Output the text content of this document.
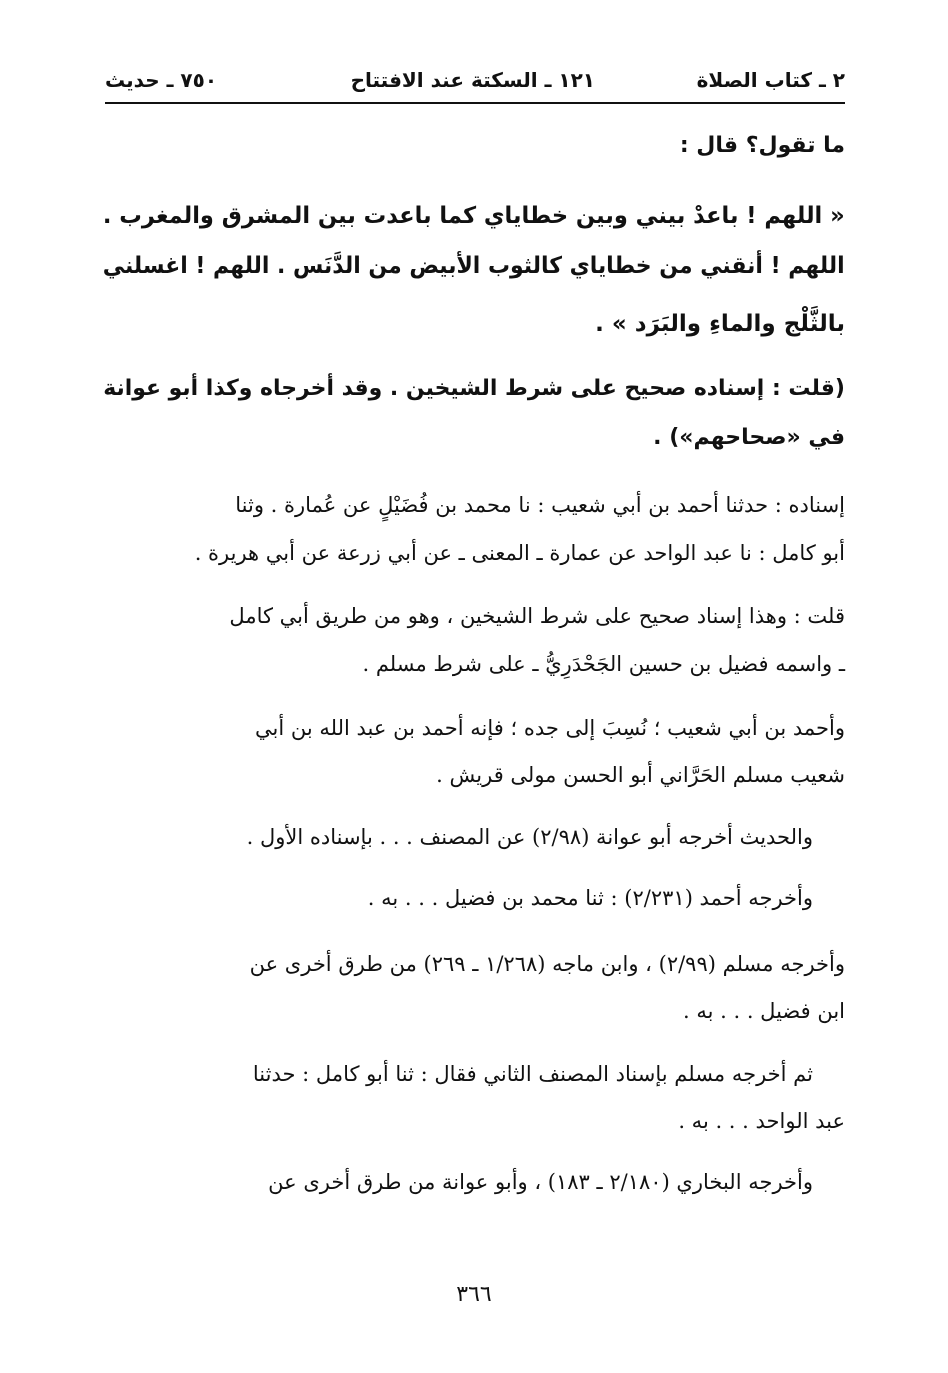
٢ ـ كتاب الصلاة
١٢١ ـ السكتة عند الافتتاح
٧٥٠ ـ حديث
ما تقول؟ قال :
« اللهم ! باعدْ بيني وبين خطاياي كما باعدت بين المشرق والمغرب .
اللهم ! أنقني من خطاياي كالثوب الأبيض من الدَّنَس . اللهم ! اغسلني
بالثَّلْج والماءِ والبَرَد » .
(قلت : إسناده صحيح على شرط الشيخين . وقد أخرجاه وكذا أبو عوانة
في «صحاحهم») .
إسناده : حدثنا أحمد بن أبي شعيب : نا محمد بن فُضَيْلٍ عن عُمارة . وثنا
أبو كامل : نا عبد الواحد عن عمارة ـ المعنى ـ عن أبي زرعة عن أبي هريرة .
قلت : وهذا إسناد صحيح على شرط الشيخين ، وهو من طريق أبي كامل
ـ واسمه فضيل بن حسين الجَحْدَرِيُّ ـ على شرط مسلم .
وأحمد بن أبي شعيب ؛ نُسِبَ إلى جده ؛ فإنه أحمد بن عبد الله بن أبي
شعيب مسلم الحَرَّاني أبو الحسن مولى قريش .
والحديث أخرجه أبو عوانة (٢/٩٨) عن المصنف . . . بإسناده الأول .
وأخرجه أحمد (٢/٢٣١) : ثنا محمد بن فضيل . . . به .
وأخرجه مسلم (٢/٩٩) ، وابن ماجه (١/٢٦٨ ـ ٢٦٩) من طرق أخرى عن
ابن فضيل . . . به .
ثم أخرجه مسلم بإسناد المصنف الثاني فقال : ثنا أبو كامل : حدثنا
عبد الواحد . . . به .
وأخرجه البخاري (٢/١٨٠ ـ ١٨٣) ، وأبو عوانة من طرق أخرى عن
٣٦٦
